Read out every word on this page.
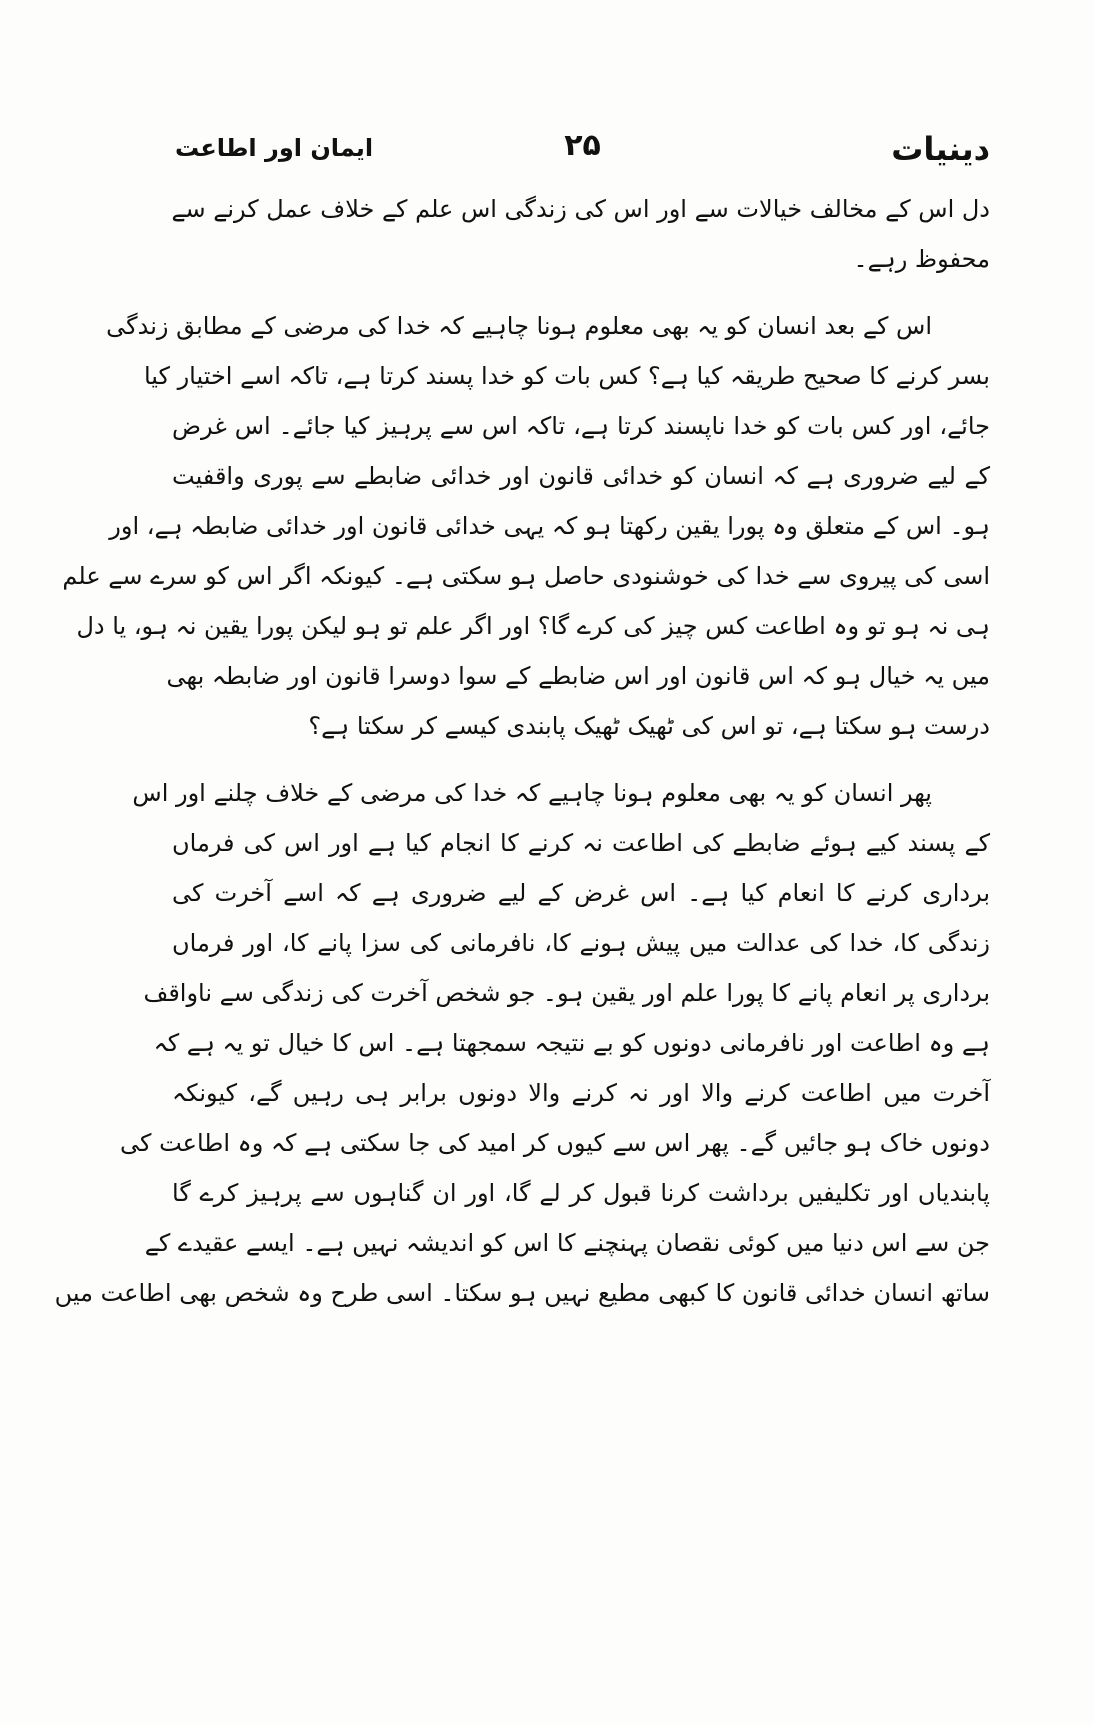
دینیات
۲۵
ایمان اور اطاعت
دل اس کے مخالف خیالات سے اور اس کی زندگی اس علم کے خلاف عمل کرنے سے
محفوظ رہے۔
اس کے بعد انسان کو یہ بھی معلوم ہونا چاہیے کہ خدا کی مرضی کے مطابق زندگی
بسر کرنے کا صحیح طریقہ کیا ہے؟ کس بات کو خدا پسند کرتا ہے، تاکہ اسے اختیار کیا
جائے، اور کس بات کو خدا ناپسند کرتا ہے، تاکہ اس سے پرہیز کیا جائے۔ اس غرض
کے لیے ضروری ہے کہ انسان کو خدائی قانون اور خدائی ضابطے سے پوری واقفیت
ہو۔ اس کے متعلق وہ پورا یقین رکھتا ہو کہ یہی خدائی قانون اور خدائی ضابطہ ہے، اور
اسی کی پیروی سے خدا کی خوشنودی حاصل ہو سکتی ہے۔ کیونکہ اگر اس کو سرے سے علم
ہی نہ ہو تو وہ اطاعت کس چیز کی کرے گا؟ اور اگر علم تو ہو لیکن پورا یقین نہ ہو، یا دل
میں یہ خیال ہو کہ اس قانون اور اس ضابطے کے سوا دوسرا قانون اور ضابطہ بھی
درست ہو سکتا ہے، تو اس کی ٹھیک ٹھیک پابندی کیسے کر سکتا ہے؟
پھر انسان کو یہ بھی معلوم ہونا چاہیے کہ خدا کی مرضی کے خلاف چلنے اور اس
کے پسند کیے ہوئے ضابطے کی اطاعت نہ کرنے کا انجام کیا ہے اور اس کی فرماں
برداری کرنے کا انعام کیا ہے۔ اس غرض کے لیے ضروری ہے کہ اسے آخرت کی
زندگی کا، خدا کی عدالت میں پیش ہونے کا، نافرمانی کی سزا پانے کا، اور فرماں
برداری پر انعام پانے کا پورا علم اور یقین ہو۔ جو شخص آخرت کی زندگی سے ناواقف
ہے وہ اطاعت اور نافرمانی دونوں کو بے نتیجہ سمجھتا ہے۔ اس کا خیال تو یہ ہے کہ
آخرت میں اطاعت کرنے والا اور نہ کرنے والا دونوں برابر ہی رہیں گے، کیونکہ
دونوں خاک ہو جائیں گے۔ پھر اس سے کیوں کر امید کی جا سکتی ہے کہ وہ اطاعت کی
پابندیاں اور تکلیفیں برداشت کرنا قبول کر لے گا، اور ان گناہوں سے پرہیز کرے گا
جن سے اس دنیا میں کوئی نقصان پہنچنے کا اس کو اندیشہ نہیں ہے۔ ایسے عقیدے کے
ساتھ انسان خدائی قانون کا کبھی مطیع نہیں ہو سکتا۔ اسی طرح وہ شخص بھی اطاعت میں
